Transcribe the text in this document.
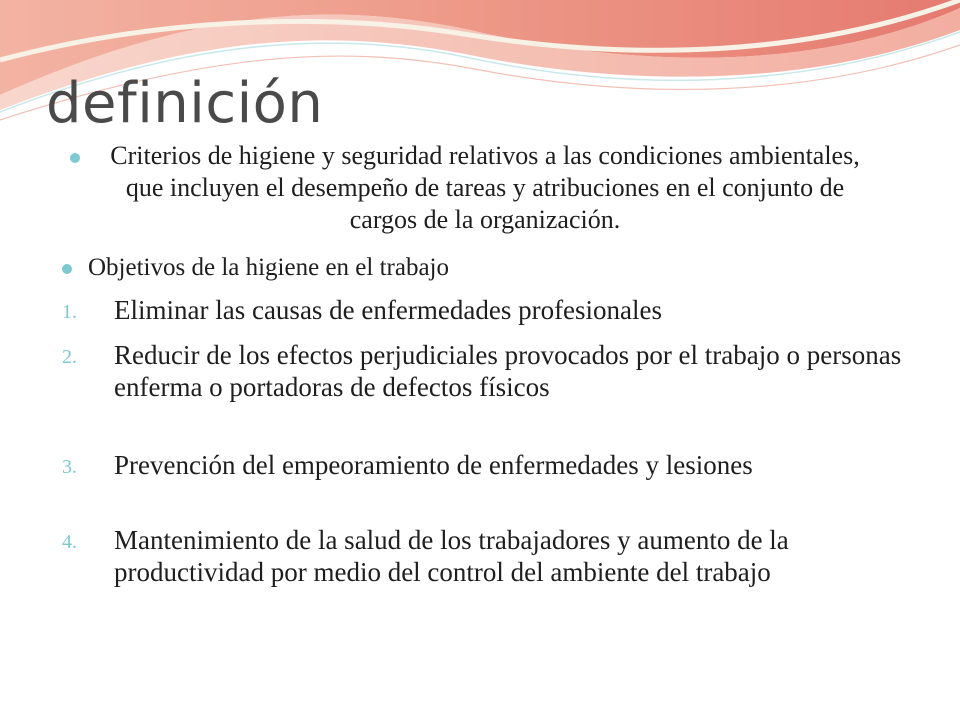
definición

Criterios de higiene y seguridad relativos a las condiciones ambientales, que incluyen el desempeño de tareas y atribuciones en el conjunto de cargos de la organización.

Objetivos de la higiene en el trabajo

1. Eliminar las causas de enfermedades profesionales

2. Reducir de los efectos perjudiciales provocados por el trabajo o personas enferma o portadoras de defectos físicos

3. Prevención del empeoramiento de enfermedades y lesiones

4. Mantenimiento de la salud de los trabajadores y aumento de la productividad por medio del control del ambiente del trabajo
